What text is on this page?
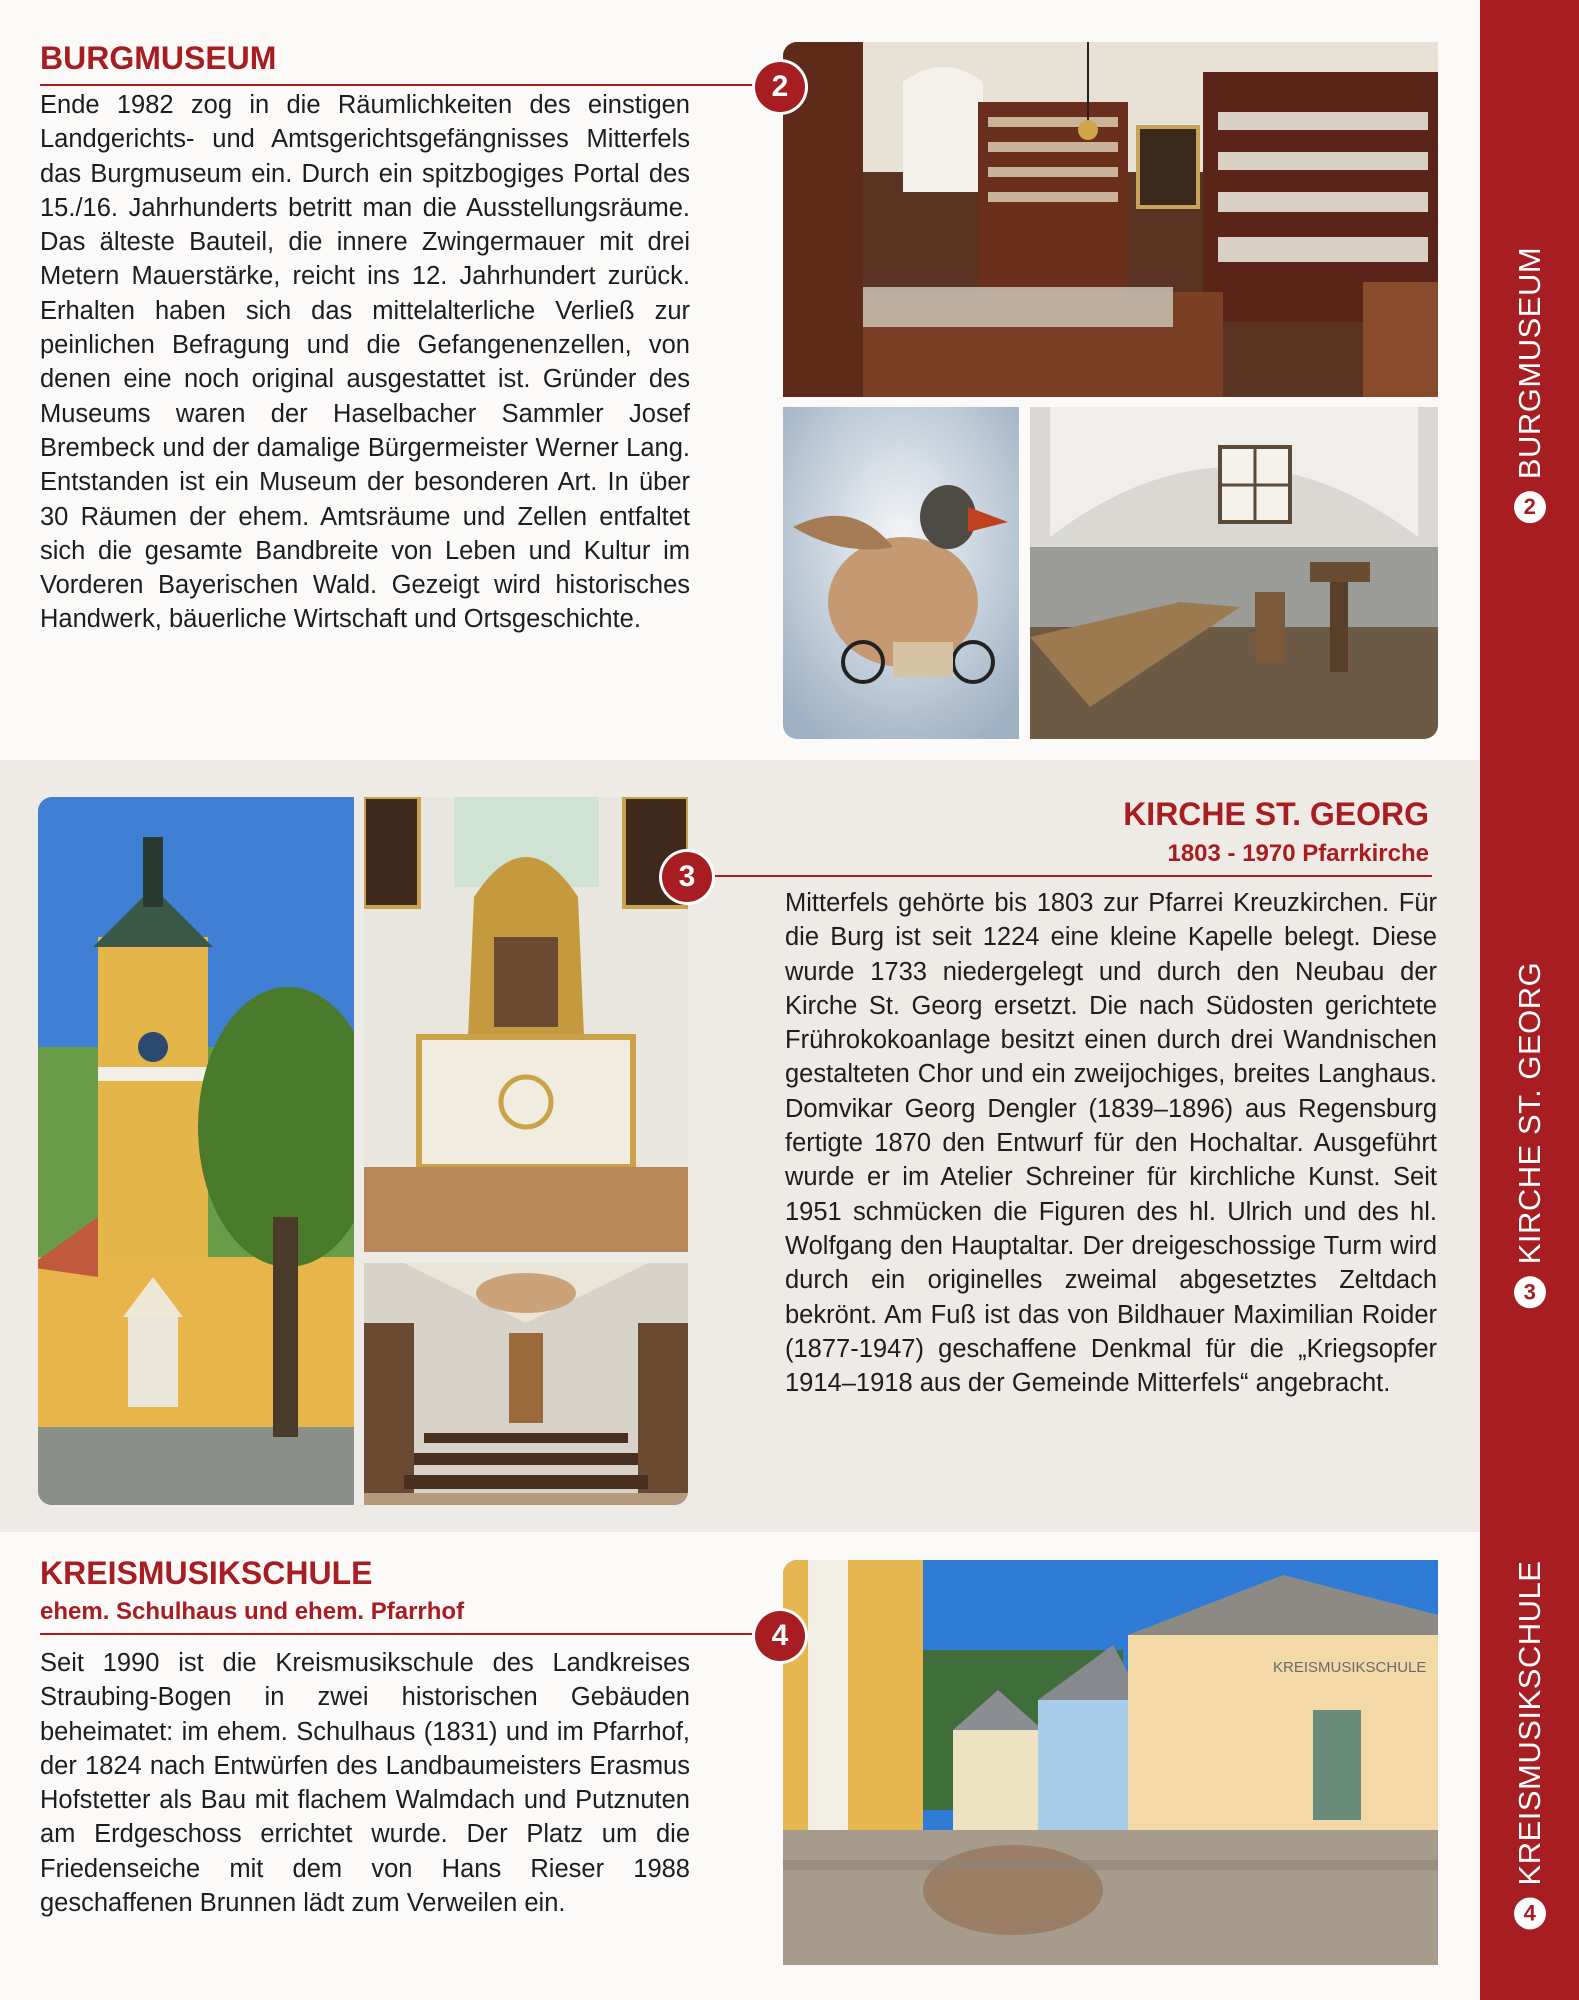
2
BURGMUSEUM
3
KIRCHE ST. GEORG
4
KREISMUSIKSCHULE
BURGMUSEUM
2

Ende 1982 zog in die Räumlichkeiten des einstigen Landgerichts- und Amtsgerichtsgefängnisses Mitterfels das Burgmuseum ein. Durch ein spitzbogiges Portal des 15./16. Jahrhunderts betritt man die Ausstellungsräume. Das älteste Bauteil, die innere Zwingermauer mit drei Metern Mauerstärke, reicht ins 12. Jahrhundert zurück. Erhalten haben sich das mittelalterliche Verließ zur peinlichen Befragung und die Gefangenenzellen, von denen eine noch original ausgestattet ist. Gründer des Museums waren der Haselbacher Sammler Josef Brembeck und der damalige Bürgermeister Werner Lang. Entstanden ist ein Museum der besonderen Art. In über 30 Räumen der ehem. Amtsräume und Zellen entfaltet sich die gesamte Bandbreite von Leben und Kultur im Vorderen Bayerischen Wald. Gezeigt wird historisches Handwerk, bäuerliche Wirtschaft und Ortsgeschichte.

KIRCHE ST. GEORG
1803 - 1970 Pfarrkirche
3

Mitterfels gehörte bis 1803 zur Pfarrei Kreuzkirchen. Für die Burg ist seit 1224 eine kleine Kapelle belegt. Diese wurde 1733 niedergelegt und durch den Neubau der Kirche St. Georg ersetzt. Die nach Südosten gerichtete Frührokokoanlage besitzt einen durch drei Wandnischen gestalteten Chor und ein zweijochiges, breites Langhaus. Domvikar Georg Dengler (1839–1896) aus Regensburg fertigte 1870 den Entwurf für den Hochaltar. Ausgeführt wurde er im Atelier Schreiner für kirchliche Kunst. Seit 1951 schmücken die Figuren des hl. Ulrich und des hl. Wolfgang den Hauptaltar. Der dreigeschossige Turm wird durch ein originelles zweimal abgesetztes Zeltdach bekrönt. Am Fuß ist das von Bildhauer Maximilian Roider (1877-1947) geschaffene Denkmal für die „Kriegsopfer 1914–1918 aus der Gemeinde Mitterfels“ angebracht.

KREISMUSIKSCHULE
ehem. Schulhaus und ehem. Pfarrhof
4

Seit 1990 ist die Kreismusikschule des Landkreises Straubing-Bogen in zwei historischen Gebäuden beheimatet: im ehem. Schulhaus (1831) und im Pfarrhof, der 1824 nach Entwürfen des Landbaumeisters Erasmus Hofstetter als Bau mit flachem Walmdach und Putznuten am Erdgeschoss errichtet wurde. Der Platz um die Friedenseiche mit dem von Hans Rieser 1988 geschaffenen Brunnen lädt zum Verweilen ein.

KREISMUSIKSCHULE
